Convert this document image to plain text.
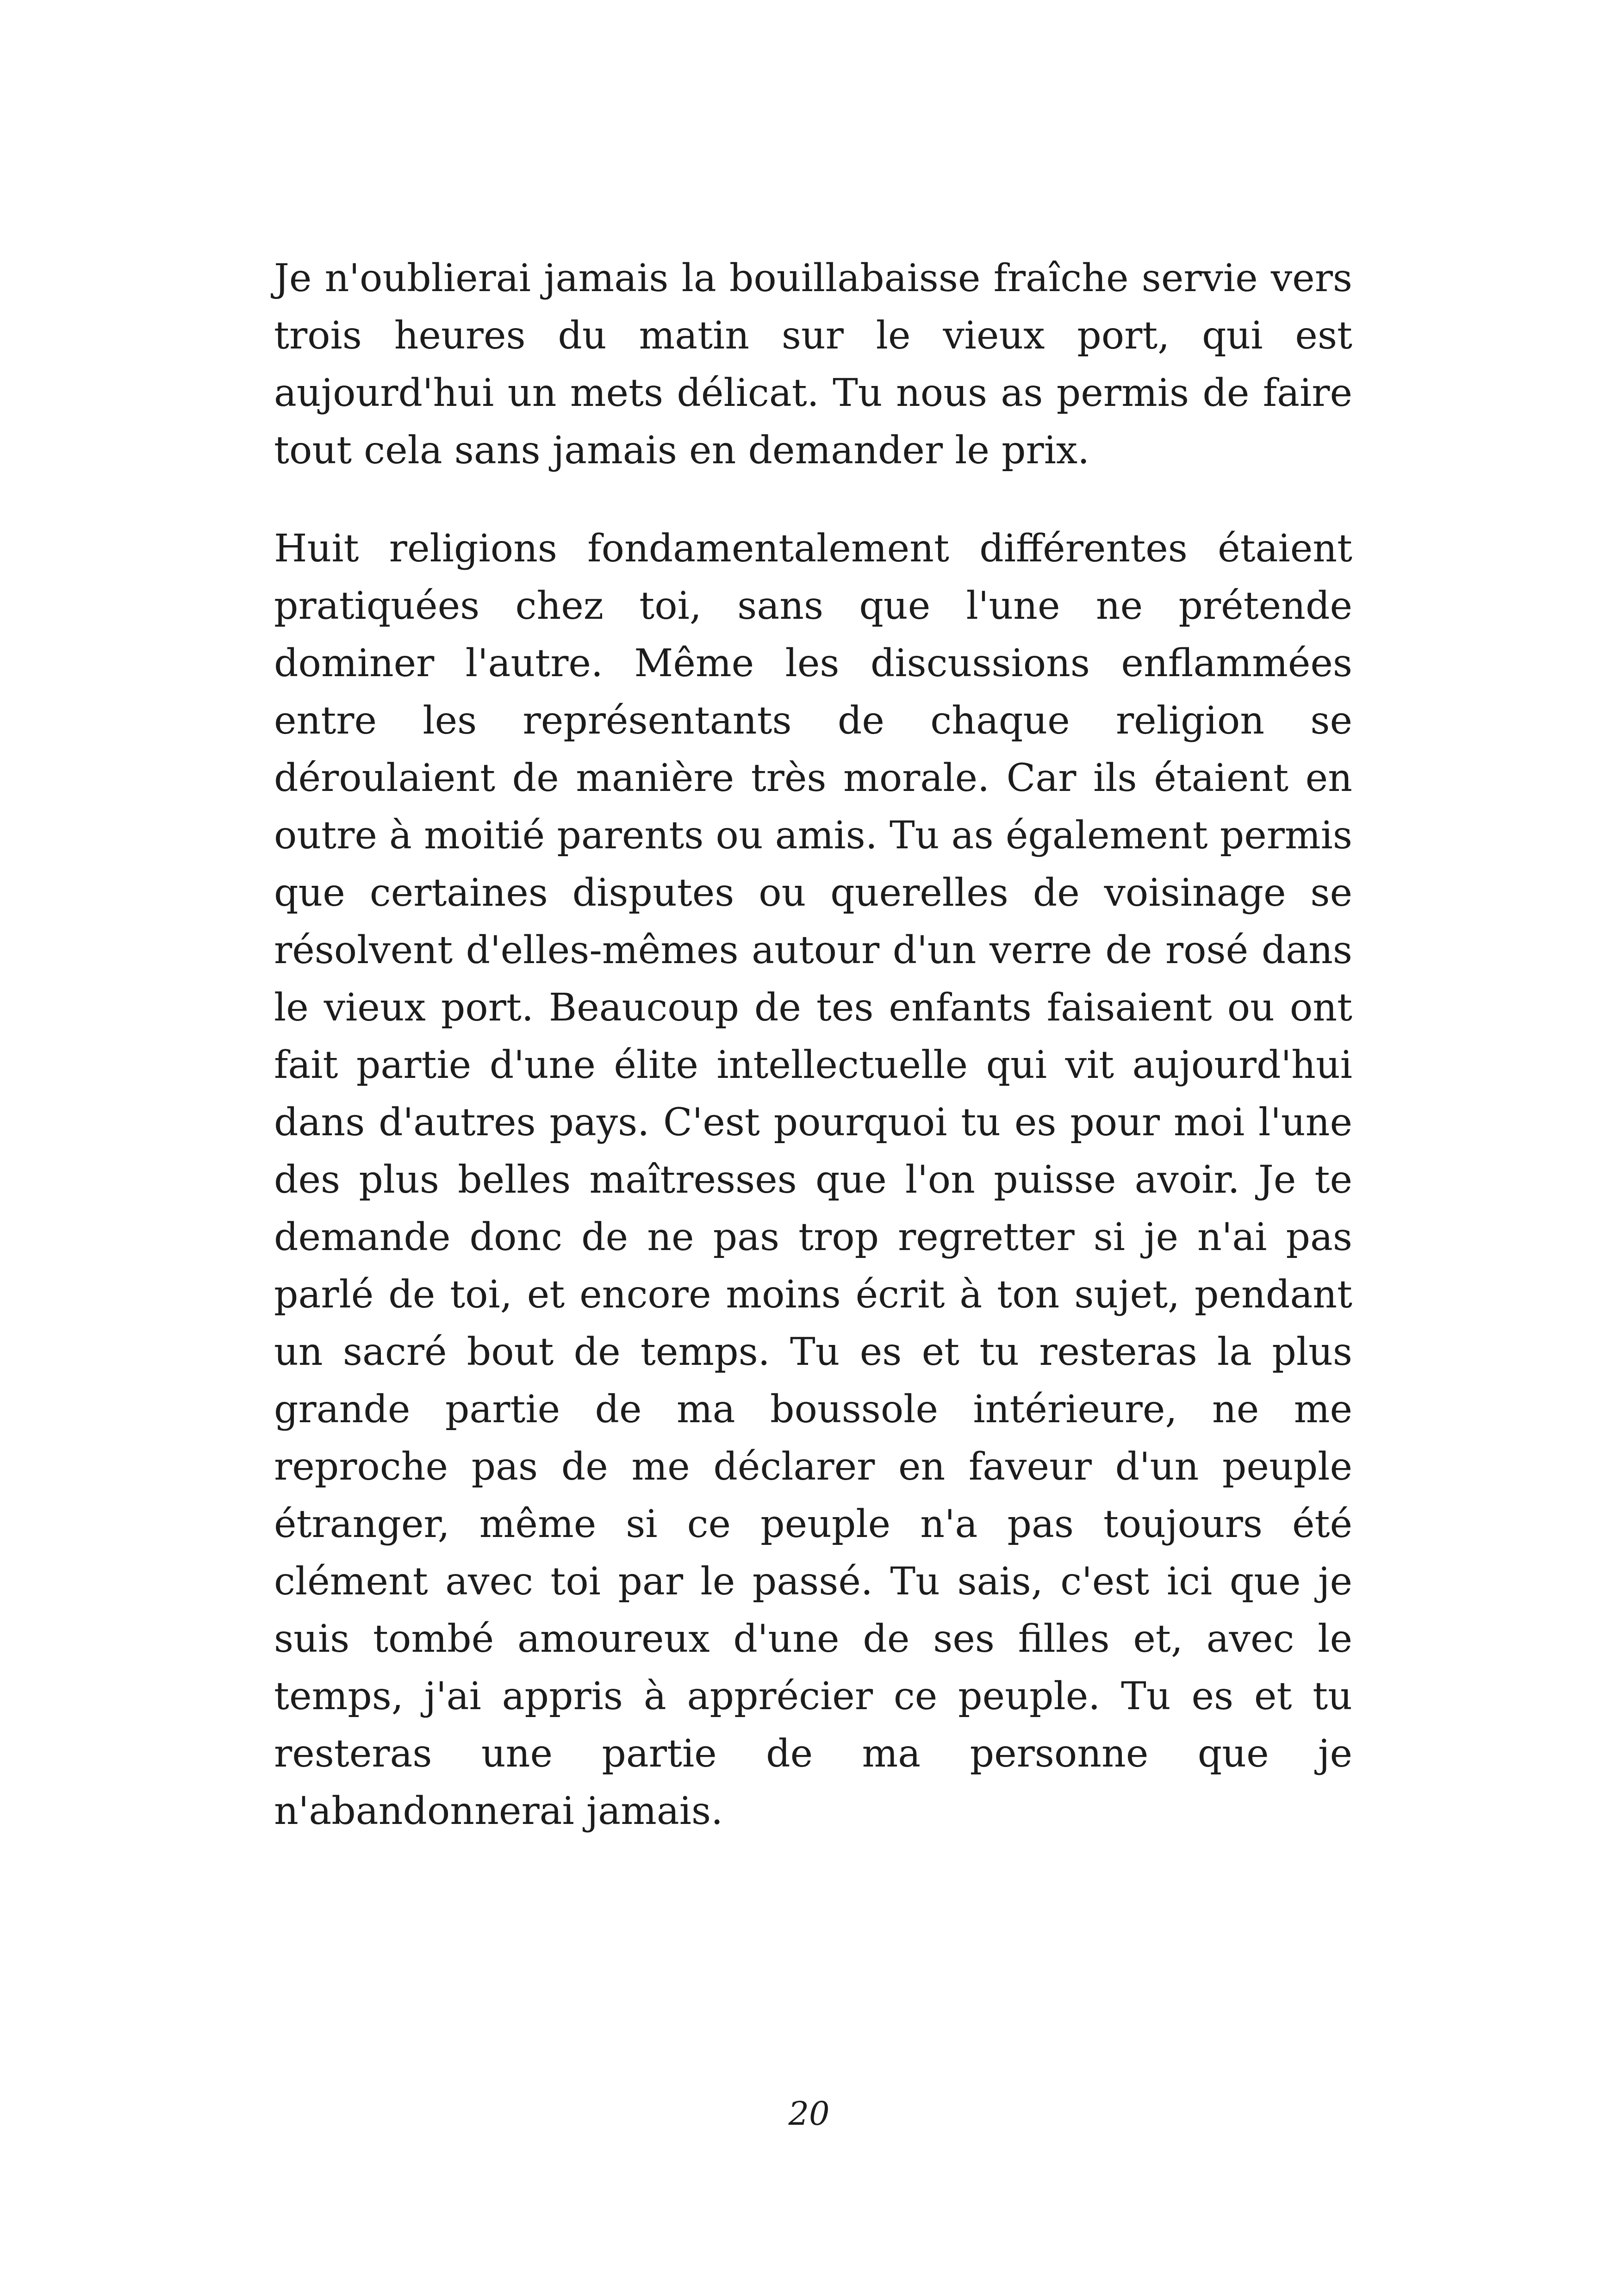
Je n'oublierai jamais la bouillabaisse fraîche servie vers trois heures du matin sur le vieux port, qui est aujourd'hui un mets délicat. Tu nous as permis de faire tout cela sans jamais en demander le prix.

Huit religions fondamentalement différentes étaient pratiquées chez toi, sans que l'une ne prétende dominer l'autre. Même les discussions enflammées entre les représentants de chaque religion se déroulaient de manière très morale. Car ils étaient en outre à moitié parents ou amis. Tu as également permis que certaines disputes ou querelles de voisinage se résolvent d'elles-mêmes autour d'un verre de rosé dans le vieux port. Beaucoup de tes enfants faisaient ou ont fait partie d'une élite intellectuelle qui vit aujourd'hui dans d'autres pays. C'est pourquoi tu es pour moi l'une des plus belles maîtresses que l'on puisse avoir. Je te demande donc de ne pas trop regretter si je n'ai pas parlé de toi, et encore moins écrit à ton sujet, pendant un sacré bout de temps. Tu es et tu resteras la plus grande partie de ma boussole intérieure, ne me reproche pas de me déclarer en faveur d'un peuple étranger, même si ce peuple n'a pas toujours été clément avec toi par le passé. Tu sais, c'est ici que je suis tombé amoureux d'une de ses filles et, avec le temps, j'ai appris à apprécier ce peuple. Tu es et tu resteras une partie de ma personne que je n'abandonnerai jamais.

20
